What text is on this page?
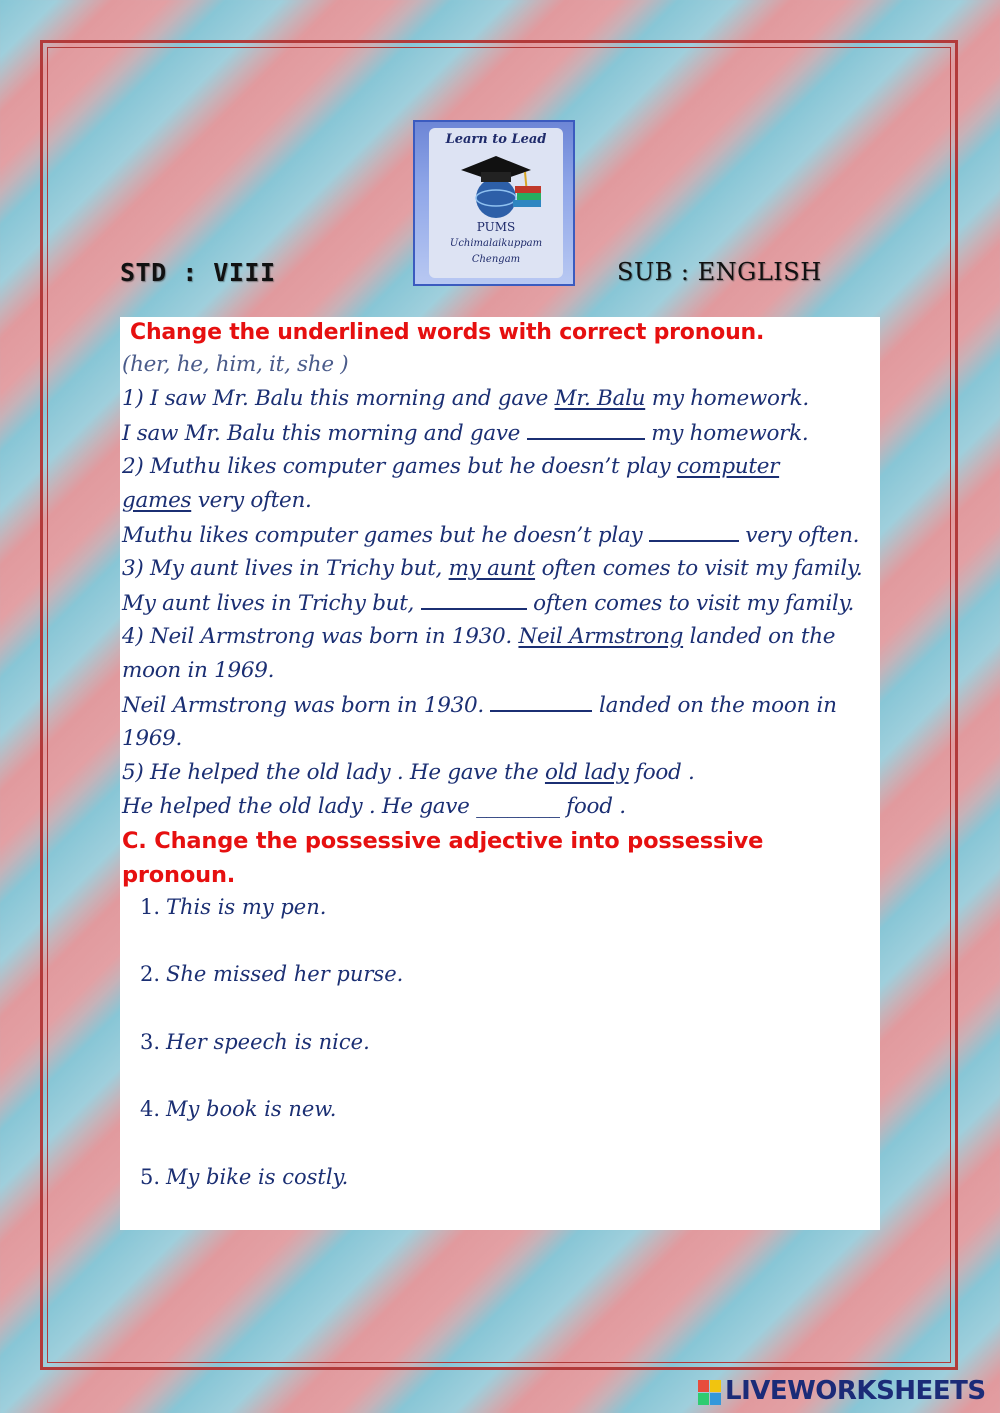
Learn to Lead
PUMS
Uchimalaikuppam
Chengam
STD : VIII	SUB : ENGLISH
Change the underlined words with correct pronoun.
(her, he, him, it, she )
1) I saw Mr. Balu this morning and gave Mr. Balu my homework.
I saw Mr. Balu this morning and gave	my homework.
2) Muthu likes computer games but he doesn’t play computer
games very often.
Muthu likes computer games but he doesn’t play	very often.
3) My aunt lives in Trichy but, my aunt often comes to visit my family.
My aunt lives in Trichy but,	often comes to visit my family.
4) Neil Armstrong was born in 1930. Neil Armstrong landed on the
moon in 1969.
Neil Armstrong was born in 1930.	landed on the moon in
1969.
5) He helped the old lady . He gave the old lady food .
He helped the old lady . He gave ________ food .
C. Change the possessive adjective into possessive
pronoun.
1. This is my pen.
2. She missed her purse.
3. Her speech is nice.
4. My book is new.
5. My bike is costly.
LIVEWORKSHEETS
